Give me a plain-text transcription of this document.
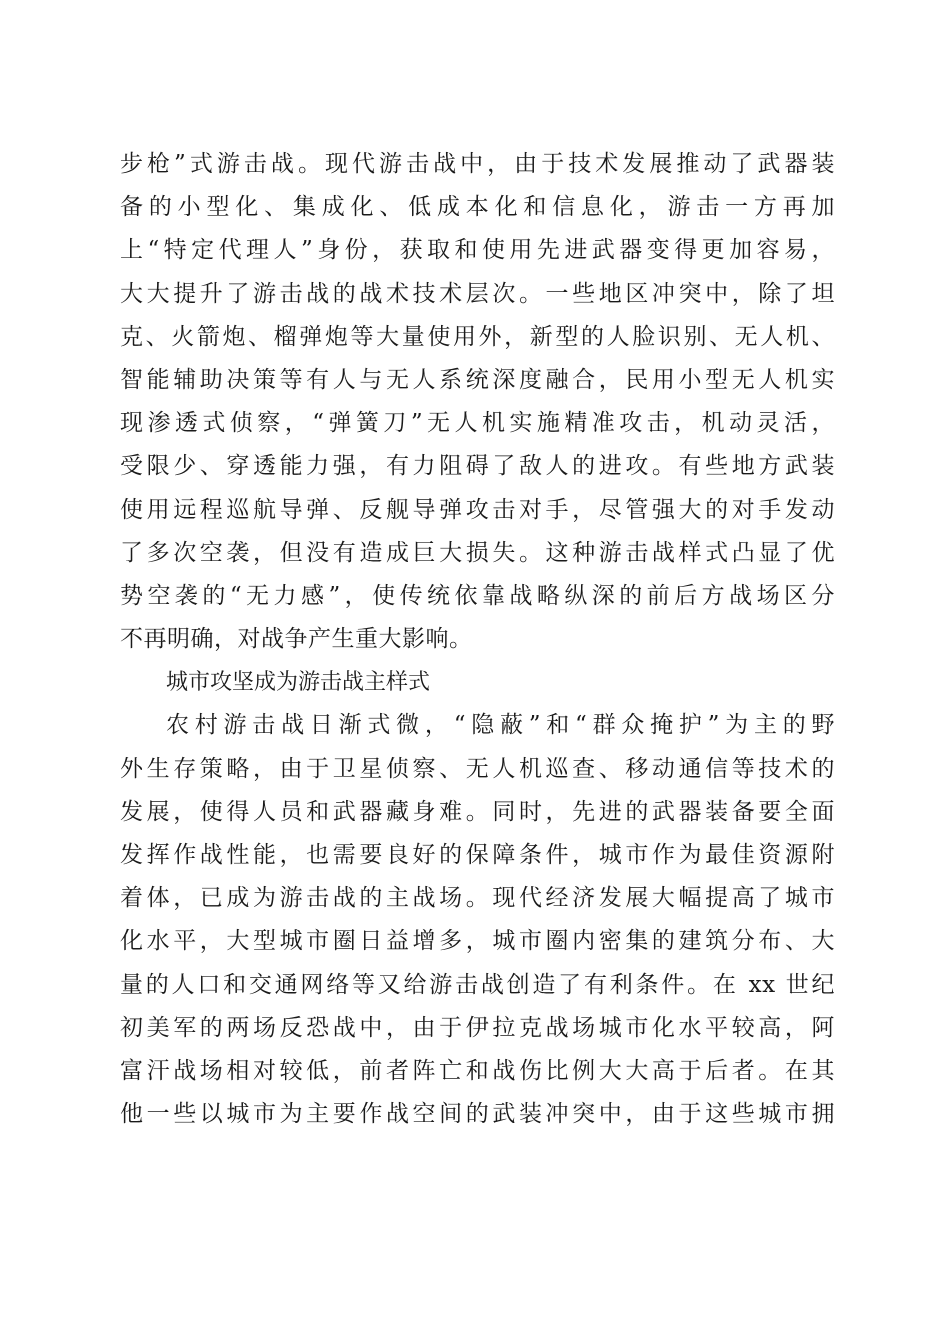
步枪”式游击战。现代游击战中，由于技术发展推动了武器装
备的小型化、集成化、低成本化和信息化，游击一方再加
上“特定代理人”身份，获取和使用先进武器变得更加容易，
大大提升了游击战的战术技术层次。一些地区冲突中，除了坦
克、火箭炮、榴弹炮等大量使用外，新型的人脸识别、无人机、
智能辅助决策等有人与无人系统深度融合，民用小型无人机实
现渗透式侦察，“弹簧刀”无人机实施精准攻击，机动灵活，
受限少、穿透能力强，有力阻碍了敌人的进攻。有些地方武装
使用远程巡航导弹、反舰导弹攻击对手，尽管强大的对手发动
了多次空袭，但没有造成巨大损失。这种游击战样式凸显了优
势空袭的“无力感”，使传统依靠战略纵深的前后方战场区分
不再明确，对战争产生重大影响。
城市攻坚成为游击战主样式
农村游击战日渐式微，“隐蔽”和“群众掩护”为主的野
外生存策略，由于卫星侦察、无人机巡查、移动通信等技术的
发展，使得人员和武器藏身难。同时，先进的武器装备要全面
发挥作战性能，也需要良好的保障条件，城市作为最佳资源附
着体，已成为游击战的主战场。现代经济发展大幅提高了城市
化水平，大型城市圈日益增多，城市圈内密集的建筑分布、大
量的人口和交通网络等又给游击战创造了有利条件。在 xx 世纪
初美军的两场反恐战中，由于伊拉克战场城市化水平较高，阿
富汗战场相对较低，前者阵亡和战伤比例大大高于后者。在其
他一些以城市为主要作战空间的武装冲突中，由于这些城市拥
